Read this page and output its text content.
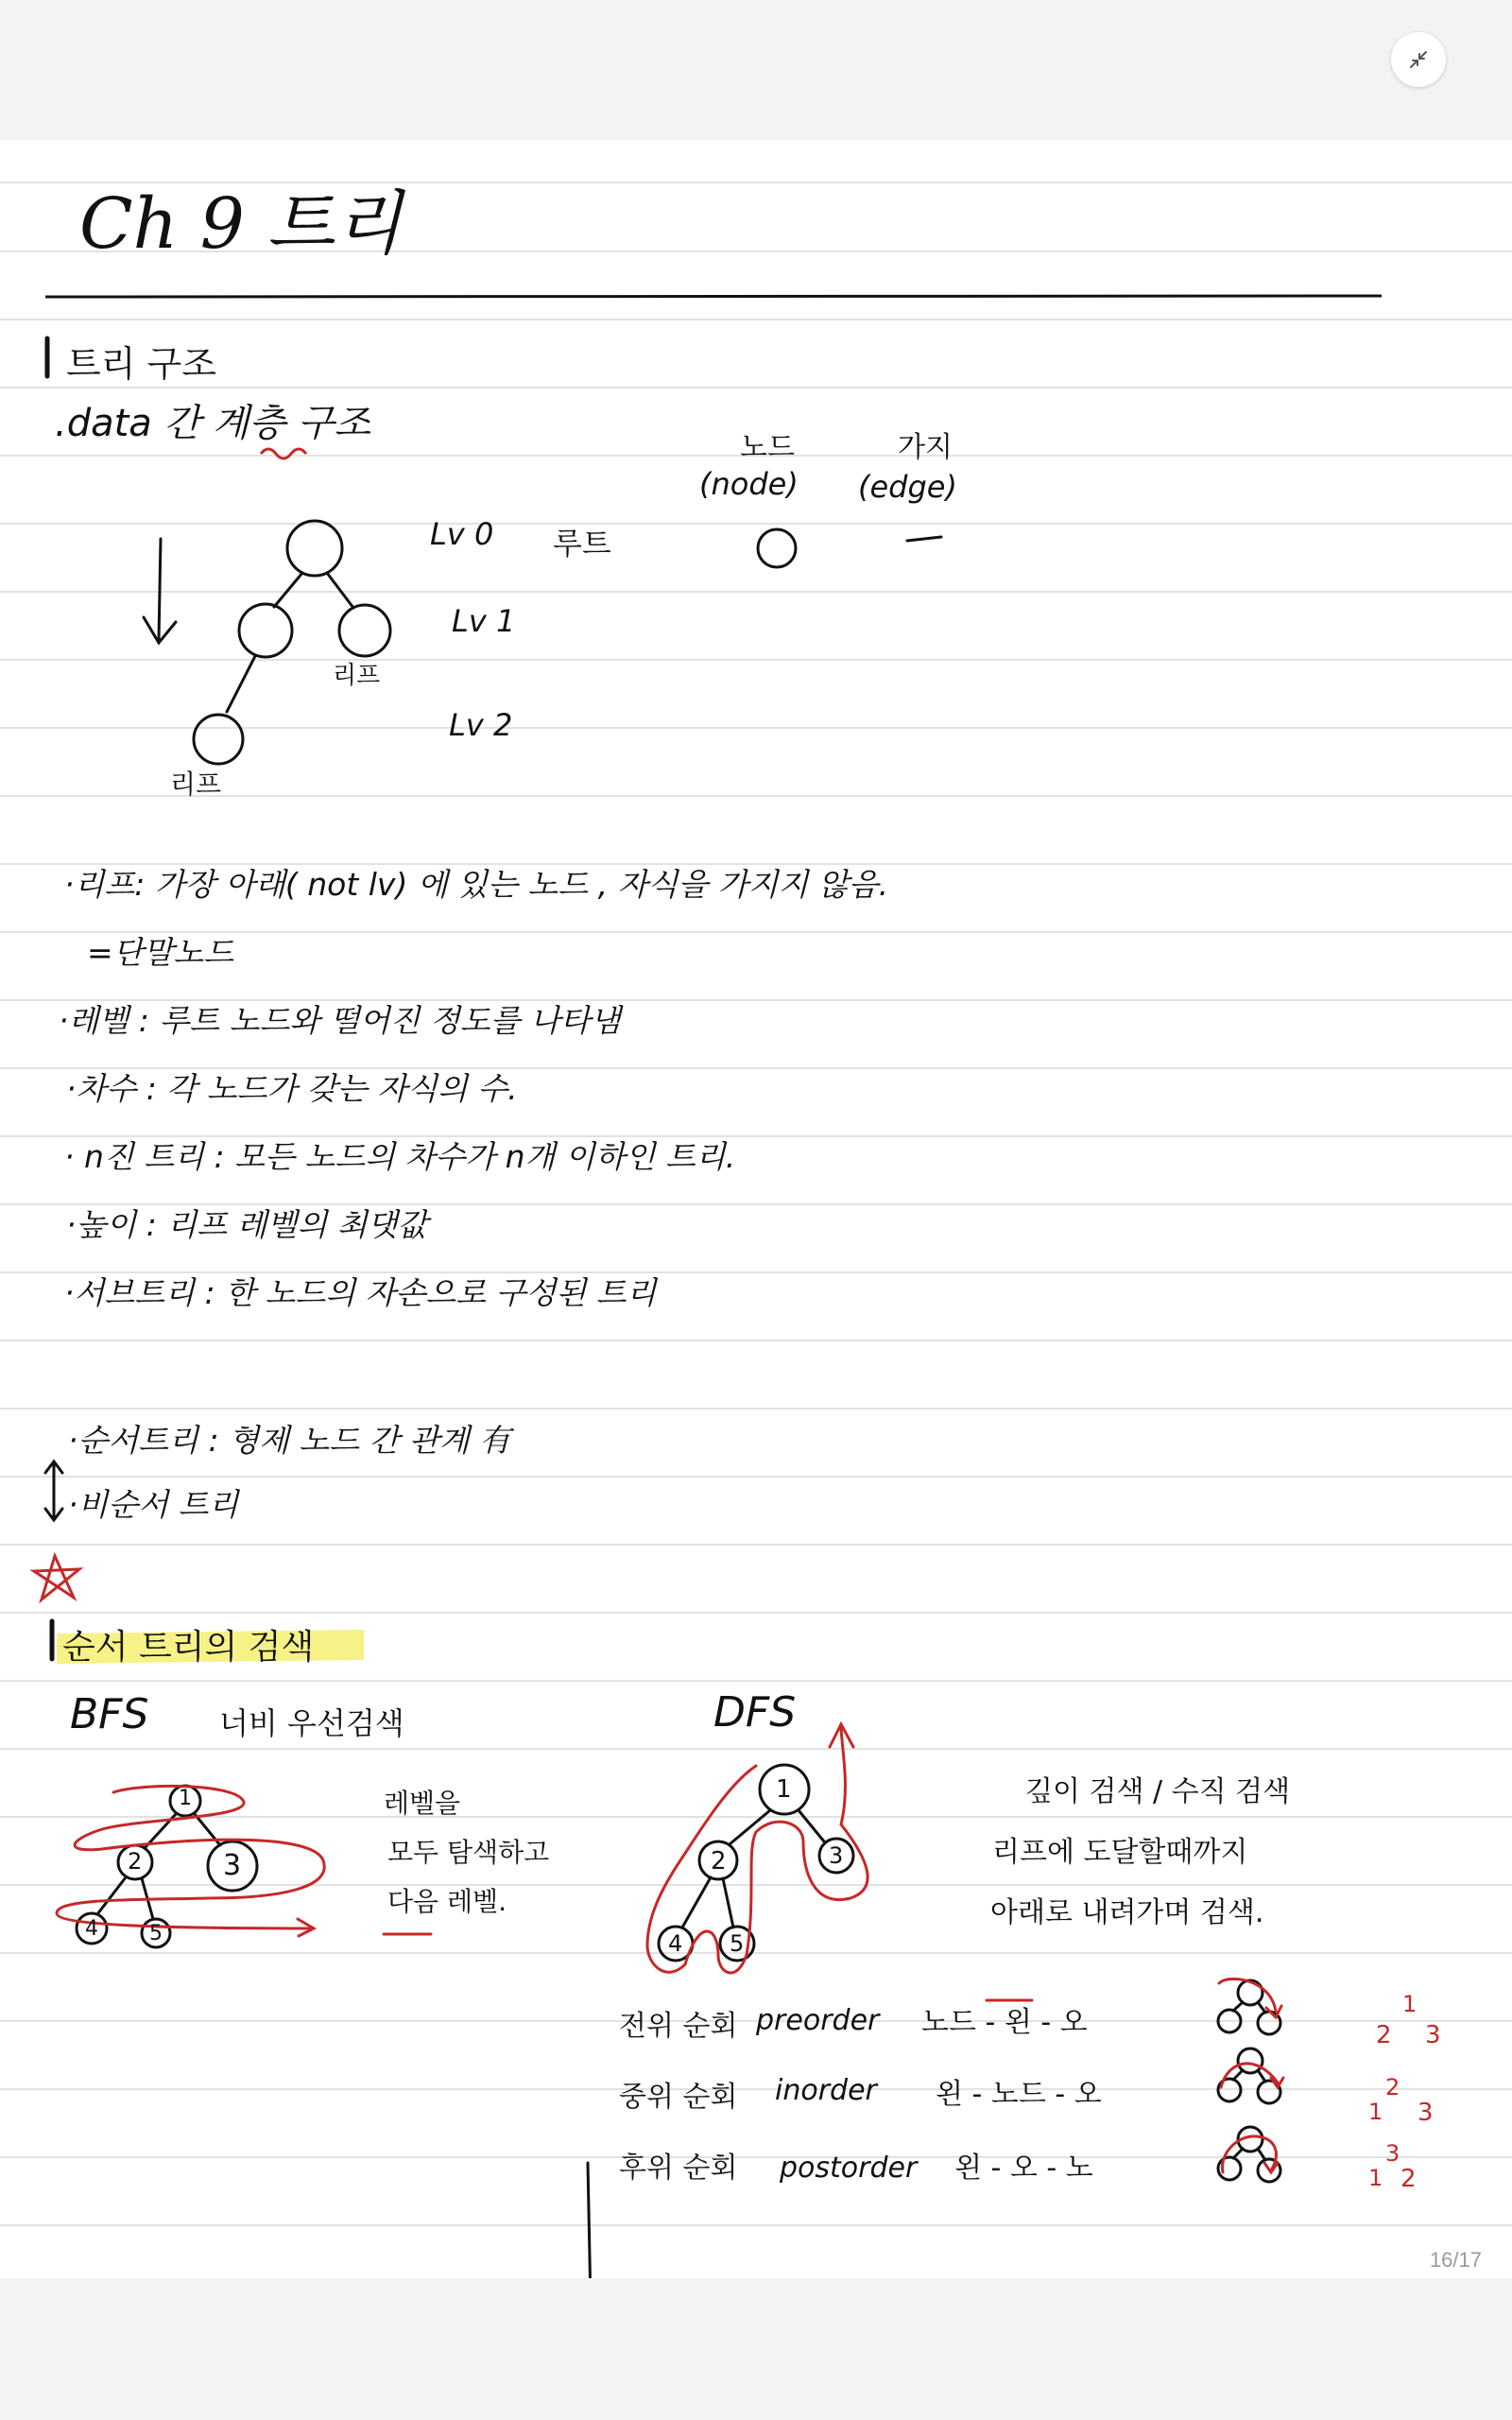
Ch 9 트리
트리 구조
.data 간 계층 구조
Lv 0
Lv 1
Lv 2
루트
리프
리프
노드
(node)
가지
(edge)
·리프: 가장 아래( not lv) 에 있는 노드 , 자식을 가지지 않음.
=단말노드
·레벨 : 루트 노드와 떨어진 정도를 나타냄
·차수 : 각 노드가 갖는 자식의 수.
· n진 트리 : 모든 노드의 차수가 n개 이하인 트리.
·높이 : 리프 레벨의 최댓값
·서브트리 : 한 노드의 자손으로 구성된 트리
·순서트리 : 형제 노드 간 관계 有
·비순서 트리
순서 트리의 검색
BFS 너비 우선검색
레벨을
모두 탐색하고
다음 레벨.
DFS
깊이 검색 / 수직 검색
리프에 도달할때까지
아래로 내려가며 검색.
1
2	3
4 5
1
2	3
4 5
전위 순회 preorder 노드 - 왼 - 오
중위 순회 inorder 왼 - 노드 - 오
후위 순회 postorder 왼 - 오 - 노
1
2 3
2
1 3
3
1 2
16/17
